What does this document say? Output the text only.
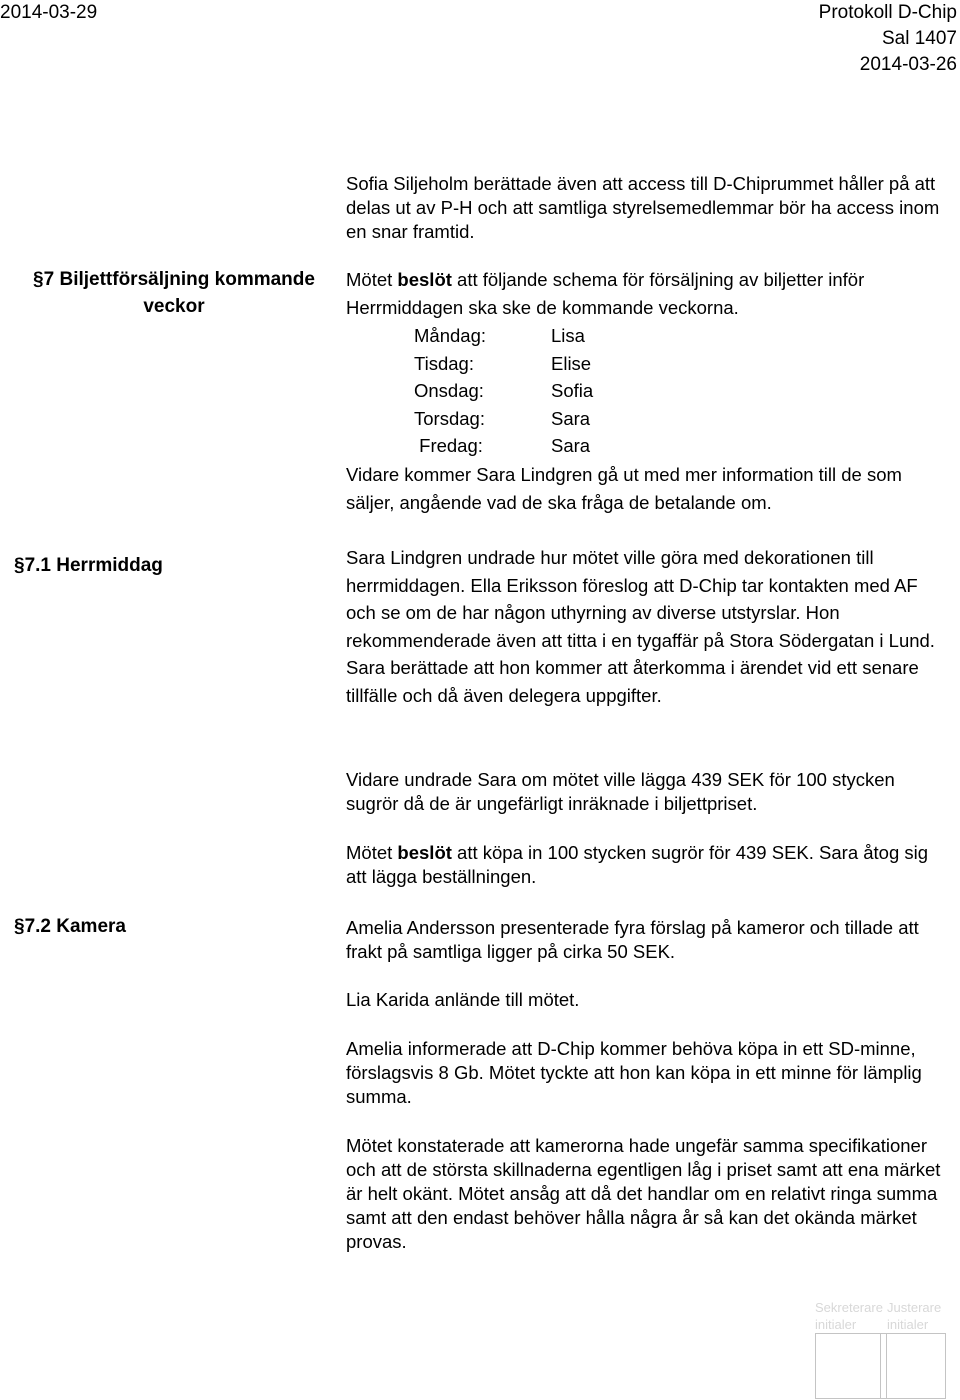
2014-03-29	Protokoll D-Chip
Sal 1407
2014-03-26
Sofia Siljeholm berättade även att access till D-Chiprummet håller på att delas ut av P-H och att samtliga styrelsemedlemmar bör ha access inom en snar framtid.
§7 Biljettförsäljning kommande veckor
Mötet beslöt att följande schema för försäljning av biljetter inför Herrmiddagen ska ske de kommande veckorna.
Måndag:	Lisa
Tisdag:	Elise
Onsdag:	Sofia
Torsdag:	Sara
Fredag:	Sara
Vidare kommer Sara Lindgren gå ut med mer information till de som säljer, angående vad de ska fråga de betalande om.
§7.1 Herrmiddag	Sara Lindgren undrade hur mötet ville göra med dekorationen till herrmiddagen. Ella Eriksson föreslog att D-Chip tar kontakten med AF och se om de har någon uthyrning av diverse utstyrslar. Hon rekommenderade även att titta i en tygaffär på Stora Södergatan i Lund. Sara berättade att hon kommer att återkomma i ärendet vid ett senare tillfälle och då även delegera uppgifter.
Vidare undrade Sara om mötet ville lägga 439 SEK för 100 stycken sugrör då de är ungefärligt inräknade i biljettpriset.
Mötet beslöt att köpa in 100 stycken sugrör för 439 SEK. Sara åtog sig att lägga beställningen.
§7.2 Kamera	Amelia Andersson presenterade fyra förslag på kameror och tillade att frakt på samtliga ligger på cirka 50 SEK.
Lia Karida anlände till mötet.
Amelia informerade att D-Chip kommer behöva köpa in ett SD-minne, förslagsvis 8 Gb. Mötet tyckte att hon kan köpa in ett minne för lämplig summa.
Mötet konstaterade att kamerorna hade ungefär samma specifikationer och att de största skillnaderna egentligen låg i priset samt att ena märket är helt okänt. Mötet ansåg att då det handlar om en relativt ringa summa samt att den endast behöver hålla några år så kan det okända märket provas.
Sekreterare
initialer
Justerare
initialer
